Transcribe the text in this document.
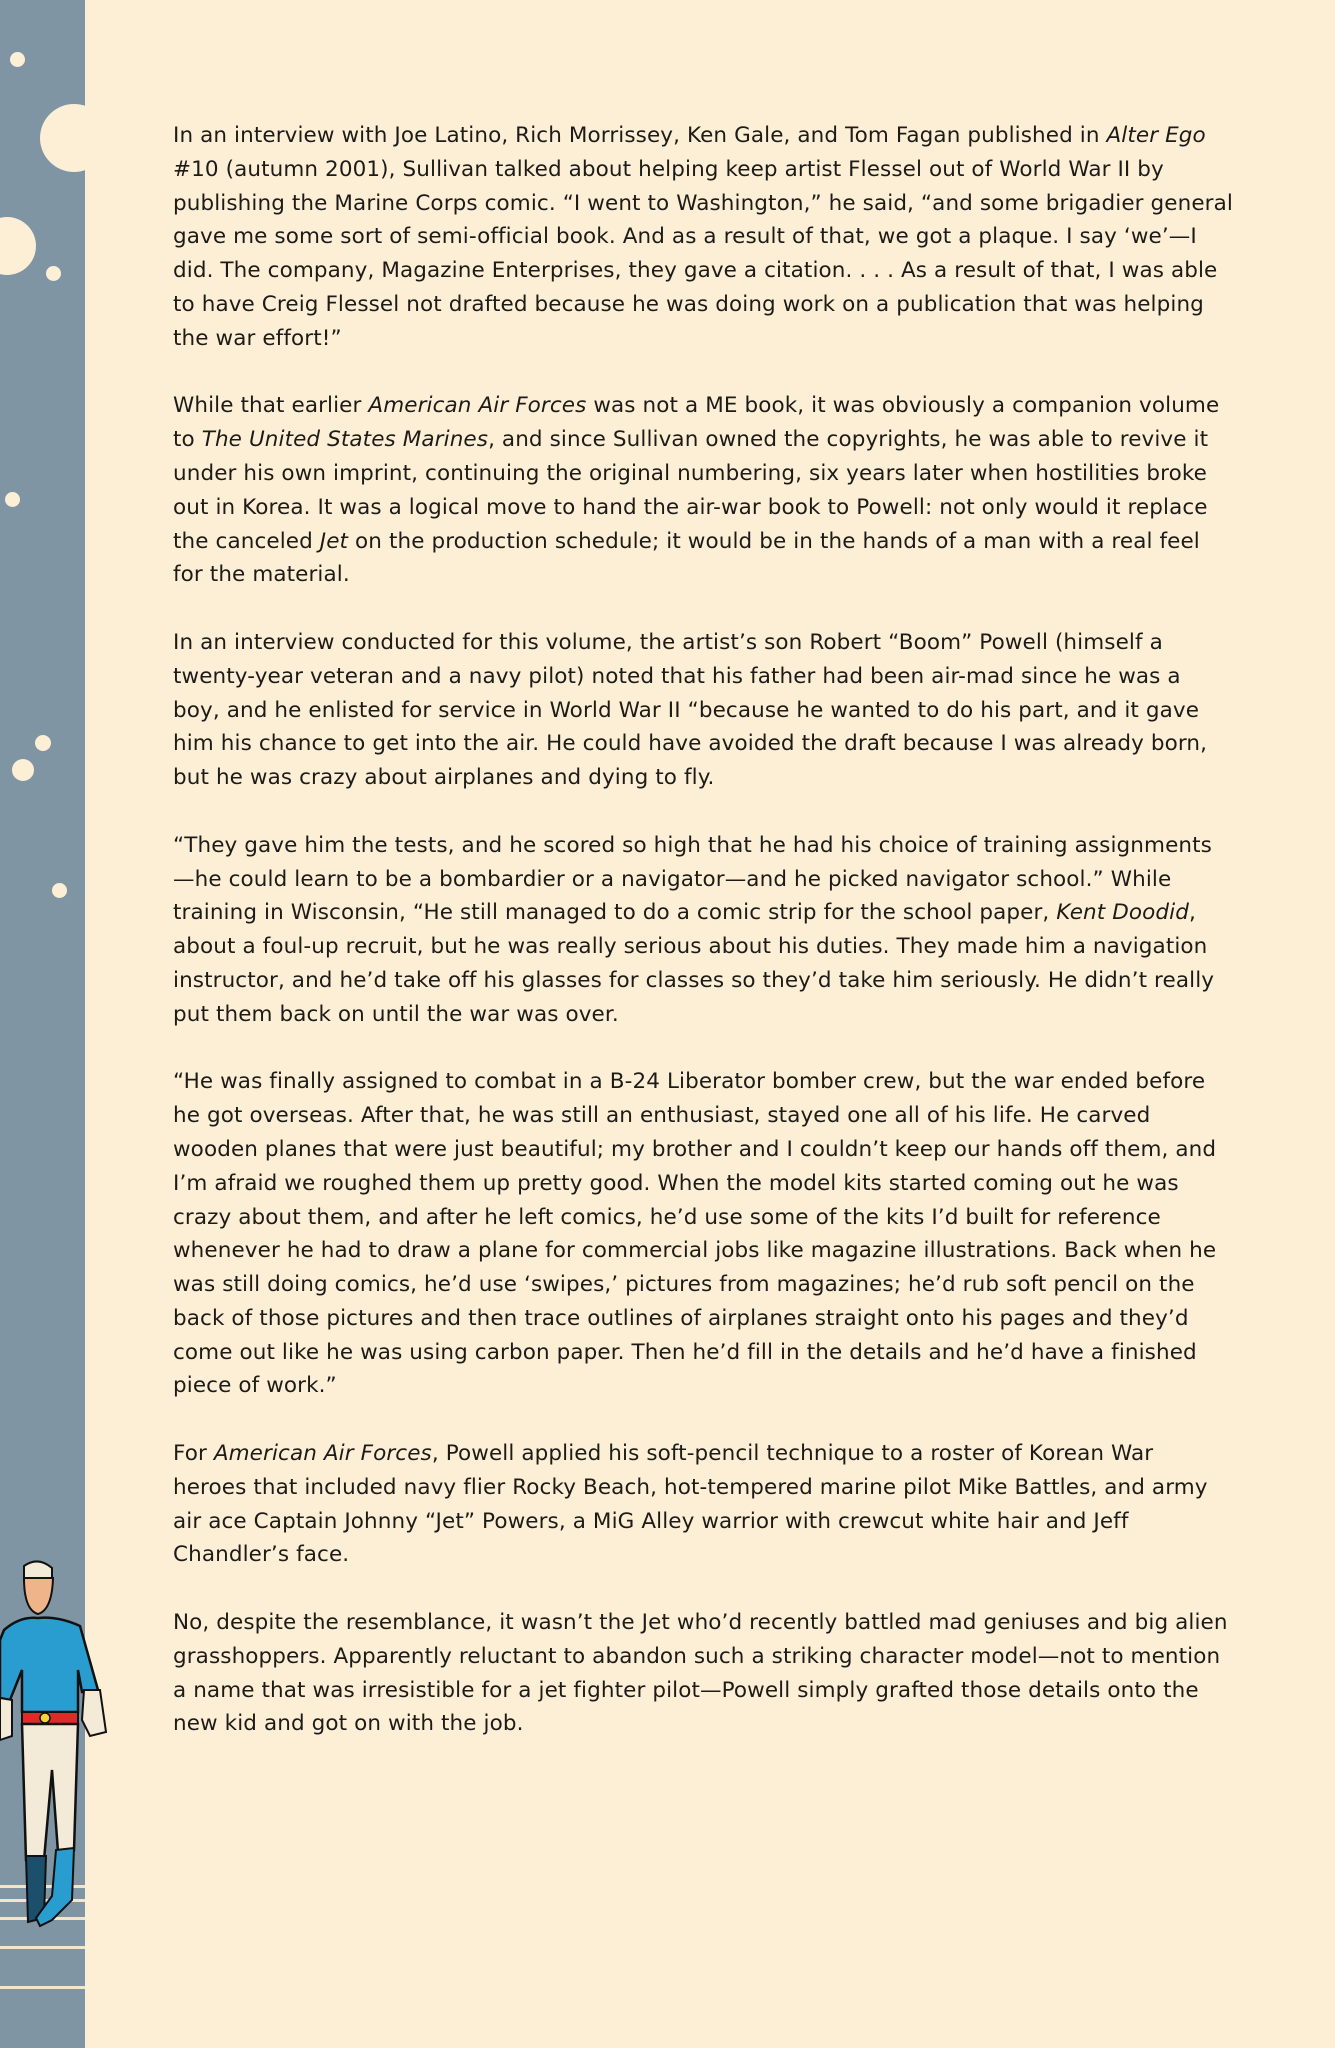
In an interview with Joe Latino, Rich Morrissey, Ken Gale, and Tom Fagan published in Alter Ego #10 (autumn 2001), Sullivan talked about helping keep artist Flessel out of World War II by publishing the Marine Corps comic. “I went to Washington,” he said, “and some brigadier general gave me some sort of semi-official book. And as a result of that, we got a plaque. I say ‘we’—I did. The company, Magazine Enterprises, they gave a citation. . . . As a result of that, I was able to have Creig Flessel not drafted because he was doing work on a publication that was helping the war effort!”

While that earlier American Air Forces was not a ME book, it was obviously a companion volume to The United States Marines, and since Sullivan owned the copyrights, he was able to revive it under his own imprint, continuing the original numbering, six years later when hostilities broke out in Korea. It was a logical move to hand the air-war book to Powell: not only would it replace the canceled Jet on the production schedule; it would be in the hands of a man with a real feel for the material.

In an interview conducted for this volume, the artist’s son Robert “Boom” Powell (himself a twenty-year veteran and a navy pilot) noted that his father had been air-mad since he was a boy, and he enlisted for service in World War II “because he wanted to do his part, and it gave him his chance to get into the air. He could have avoided the draft because I was already born, but he was crazy about airplanes and dying to fly.

“They gave him the tests, and he scored so high that he had his choice of training assignments—he could learn to be a bombardier or a navigator—and he picked navigator school.” While training in Wisconsin, “He still managed to do a comic strip for the school paper, Kent Doodid, about a foul-up recruit, but he was really serious about his duties. They made him a navigation instructor, and he’d take off his glasses for classes so they’d take him seriously. He didn’t really put them back on until the war was over.

“He was finally assigned to combat in a B-24 Liberator bomber crew, but the war ended before he got overseas. After that, he was still an enthusiast, stayed one all of his life. He carved wooden planes that were just beautiful; my brother and I couldn’t keep our hands off them, and I’m afraid we roughed them up pretty good. When the model kits started coming out he was crazy about them, and after he left comics, he’d use some of the kits I’d built for reference whenever he had to draw a plane for commercial jobs like magazine illustrations. Back when he was still doing comics, he’d use ‘swipes,’ pictures from magazines; he’d rub soft pencil on the back of those pictures and then trace outlines of airplanes straight onto his pages and they’d come out like he was using carbon paper. Then he’d fill in the details and he’d have a finished piece of work.”

For American Air Forces, Powell applied his soft-pencil technique to a roster of Korean War heroes that included navy flier Rocky Beach, hot-tempered marine pilot Mike Battles, and army air ace Captain Johnny “Jet” Powers, a MiG Alley warrior with crewcut white hair and Jeff Chandler’s face.

No, despite the resemblance, it wasn’t the Jet who’d recently battled mad geniuses and big alien grasshoppers. Apparently reluctant to abandon such a striking character model—not to mention a name that was irresistible for a jet fighter pilot—Powell simply grafted those details onto the new kid and got on with the job.
